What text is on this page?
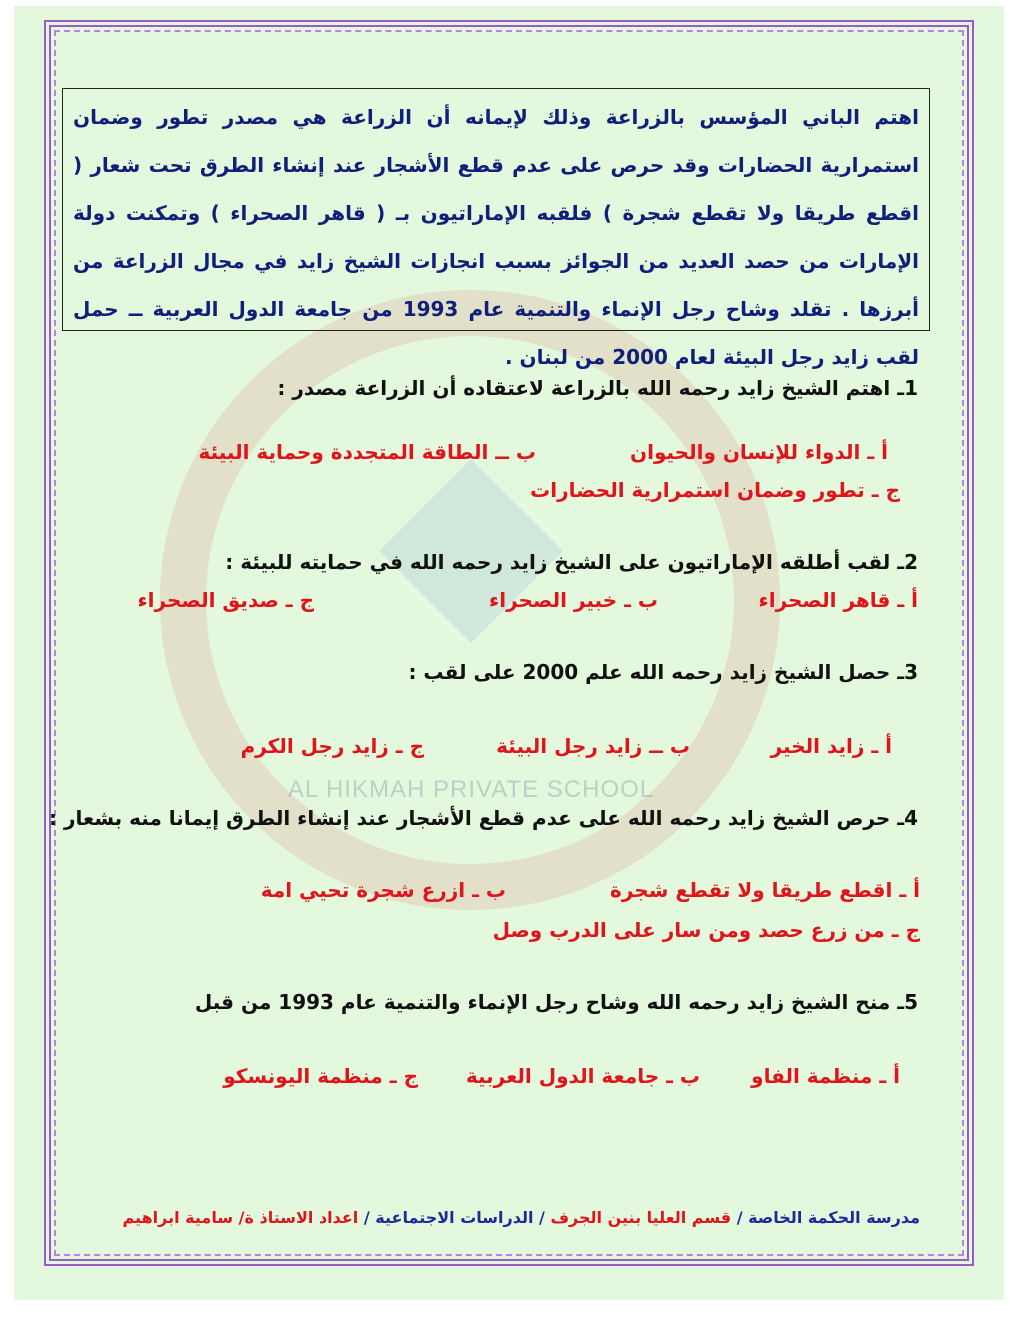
AL HIKMAH PRIVATE SCHOOL
اهتم الباني المؤسس بالزراعة وذلك لإيمانه أن الزراعة هي مصدر تطور وضمان استمرارية الحضارات وقد حرص على عدم قطع الأشجار عند إنشاء الطرق تحت شعار ( اقطع طريقا ولا تقطع شجرة ) فلقبه الإماراتيون بـ ( قاهر الصحراء ) وتمكنت دولة الإمارات من حصد العديد من الجوائز بسبب انجازات الشيخ زايد في مجال الزراعة من أبرزها . تقلد وشاح رجل الإنماء والتنمية عام 1993 من جامعة الدول العربية ــ حمل لقب زايد رجل البيئة لعام 2000 من لبنان .
1ـ اهتم الشيخ زايد رحمه الله بالزراعة لاعتقاده أن الزراعة مصدر :
أ ـ الدواء للإنسان والحيوان
ب ــ الطاقة المتجددة وحماية البيئة
ج ـ تطور وضمان استمرارية الحضارات
2ـ لقب أطلقه الإماراتيون على الشيخ زايد رحمه الله في حمايته للبيئة :
أ ـ قاهر الصحراء
ب ـ خبير الصحراء
ج ـ صديق الصحراء
3ـ حصل الشيخ زايد رحمه الله علم 2000 على لقب :
أ ـ زايد الخير
ب ــ زايد رجل البيئة
ج ـ زايد رجل الكرم
4ـ حرص الشيخ زايد رحمه الله على عدم قطع الأشجار عند إنشاء الطرق إيمانا منه بشعار :
أ ـ اقطع طريقا ولا تقطع شجرة
ب ـ ازرع شجرة تحيي امة
ج ـ من زرع حصد ومن سار على الدرب وصل
5ـ منح الشيخ زايد رحمه الله وشاح رجل الإنماء والتنمية عام 1993 من قبل
أ ـ منظمة الفاو
ب ـ جامعة الدول العربية
ج ـ منظمة اليونسكو
مدرسة الحكمة الخاصة / قسم العليا بنين الجرف / الدراسات الاجتماعية / اعداد الاستاذ ة/ سامية ابراهيم
